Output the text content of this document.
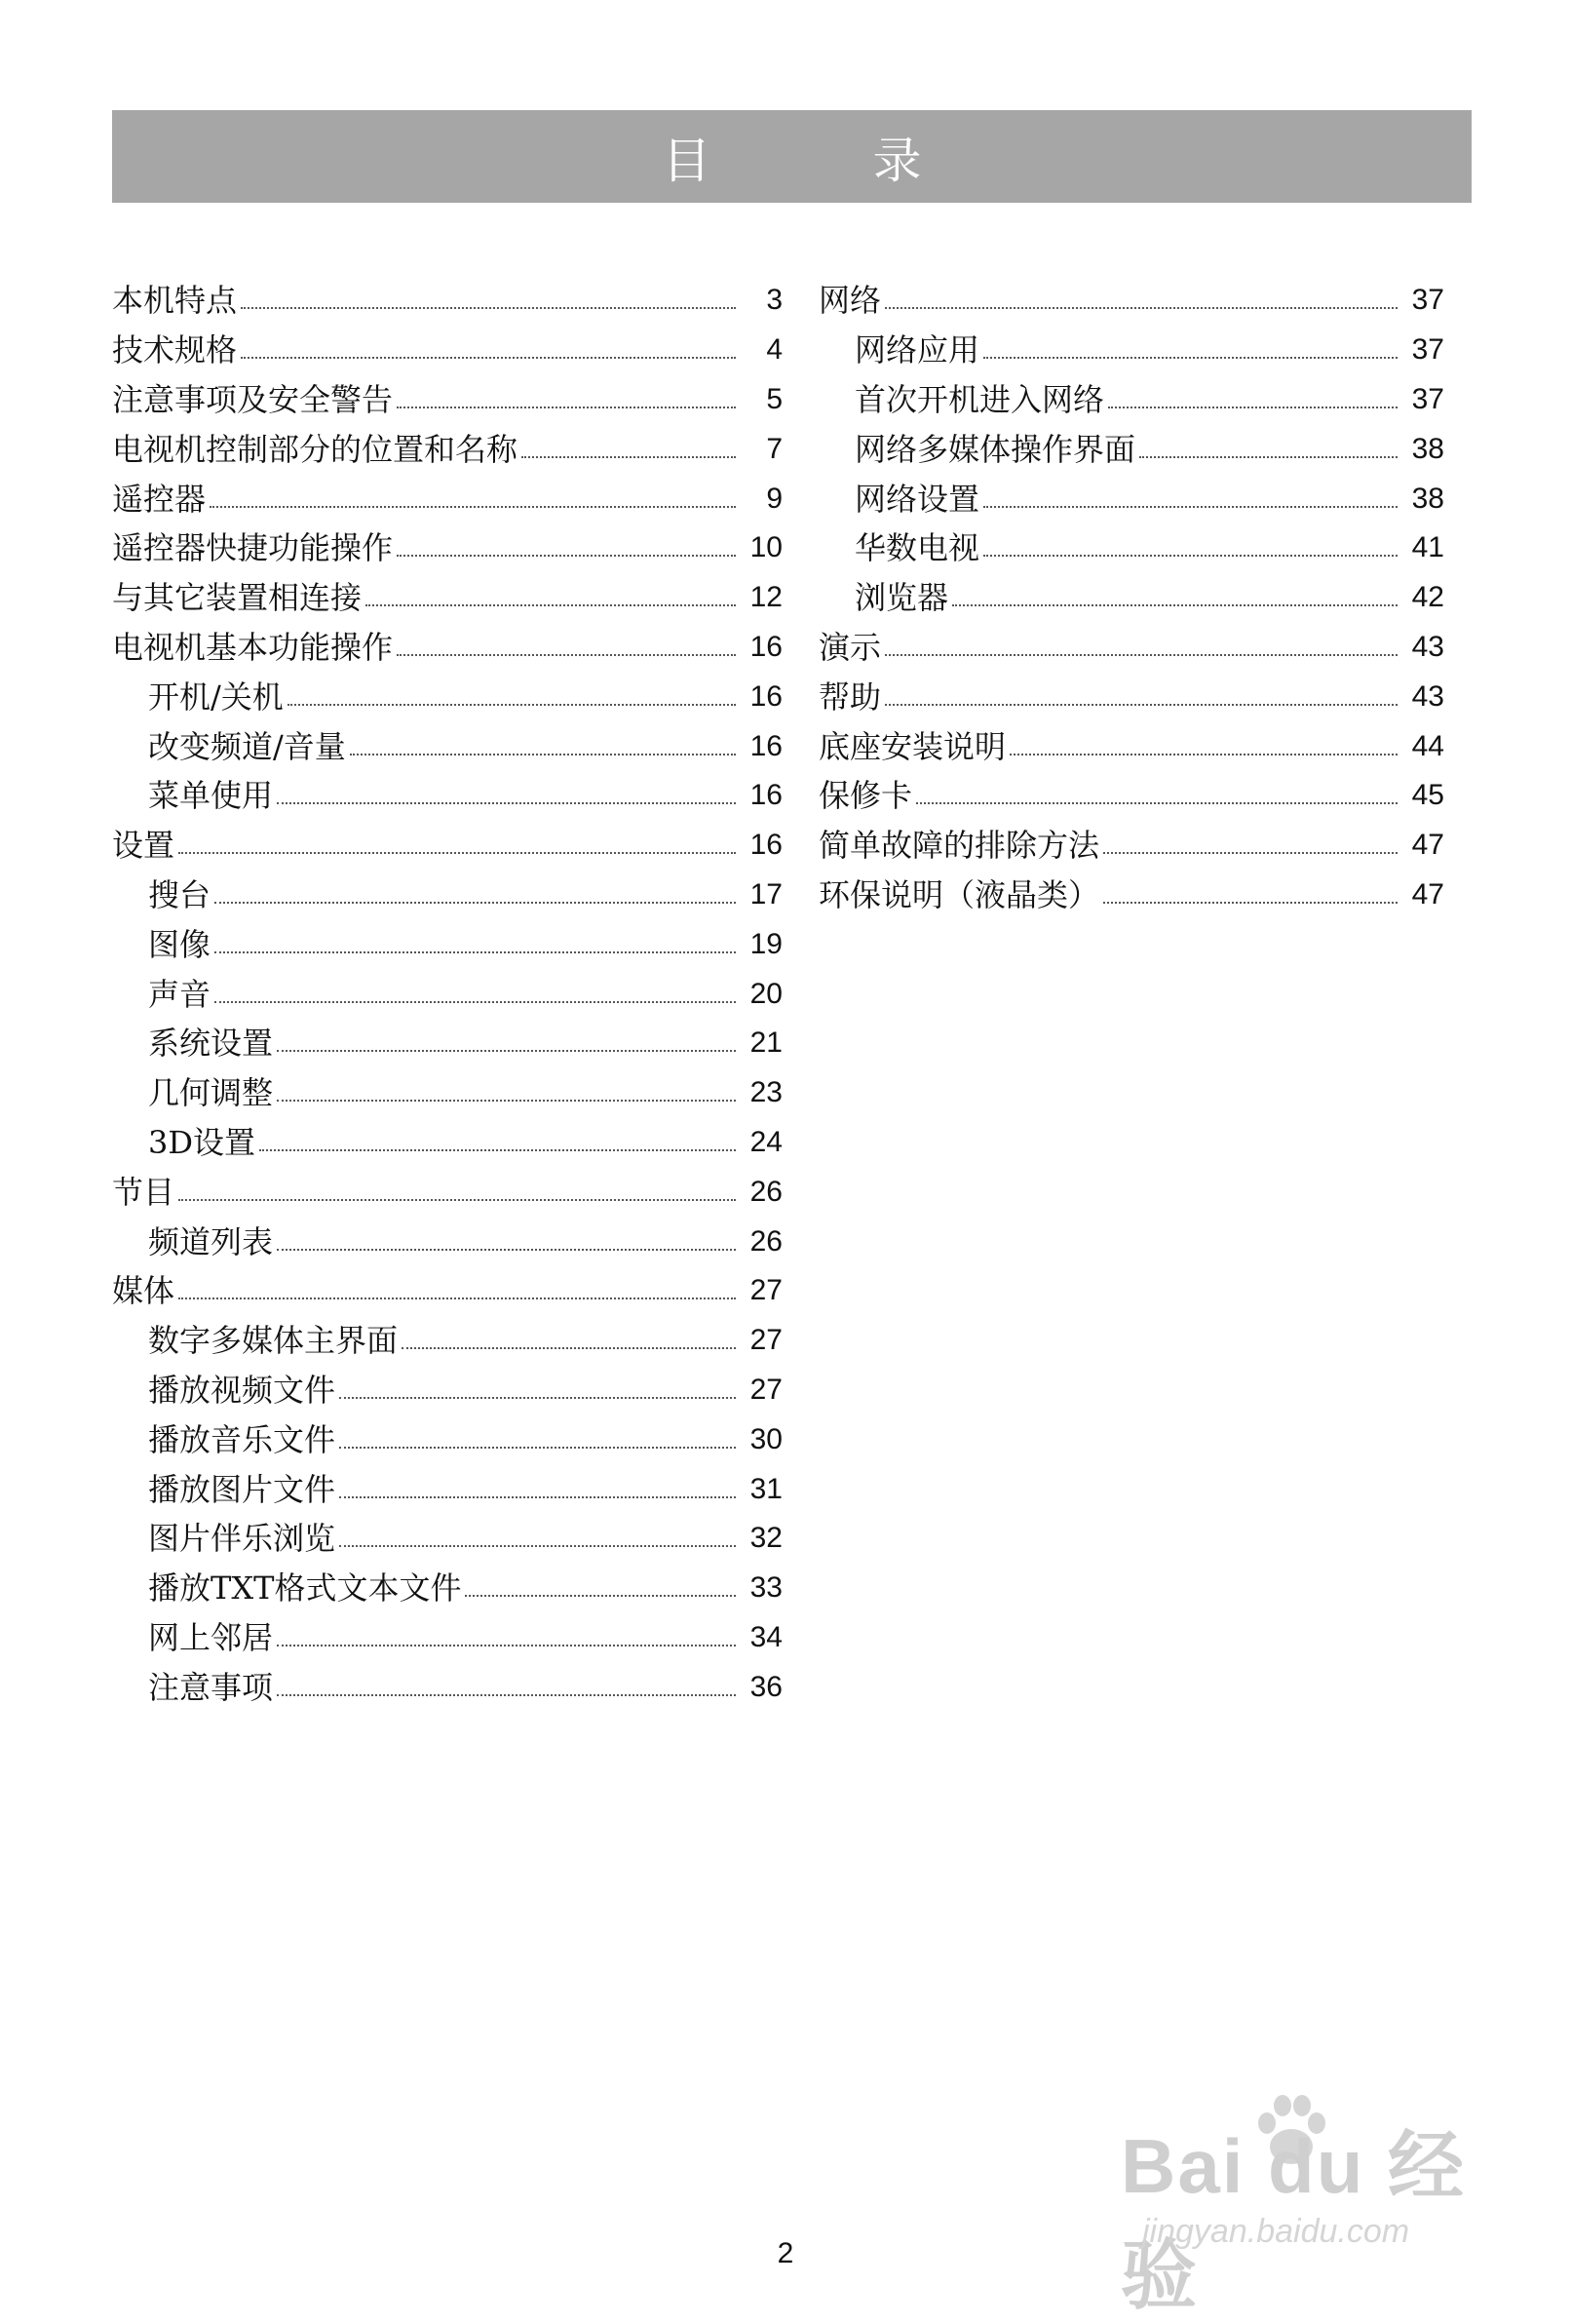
目 录
本机特点	3
技术规格	4
注意事项及安全警告	5
电视机控制部分的位置和名称	7
遥控器	9
遥控器快捷功能操作	10
与其它装置相连接	12
电视机基本功能操作	16
开机/关机	16
改变频道/音量	16
菜单使用	16
设置	16
搜台	17
图像	19
声音	20
系统设置	21
几何调整	23
3D设置	24
节目	26
频道列表	26
媒体	27
数字多媒体主界面	27
播放视频文件	27
播放音乐文件	30
播放图片文件	31
图片伴乐浏览	32
播放TXT格式文本文件	33
网上邻居	34
注意事项	36
网络	37
网络应用	37
首次开机进入网络	37
网络多媒体操作界面	38
网络设置	38
华数电视	41
浏览器	42
演示	43
帮助	43
底座安装说明	44
保修卡	45
简单故障的排除方法	47
环保说明（液晶类）	47
2
Bai du 经验
jingyan.baidu.com
